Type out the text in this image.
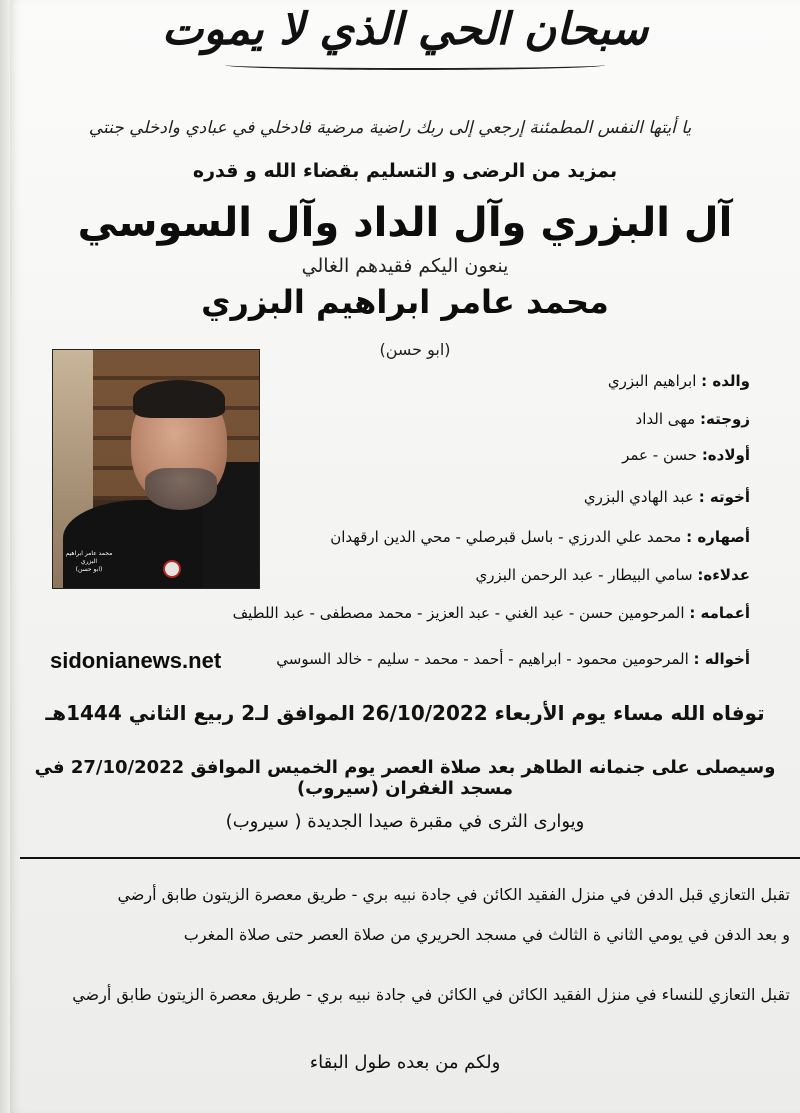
سبحان الحي الذي لا يموت
يا أيتها النفس المطمئنة إرجعي إلى ربك راضية مرضية فادخلي في عبادي وادخلي جنتي
بمزيد من الرضى و التسليم بقضاء الله و قدره
آل البزري وآل الداد وآل السوسي
ينعون اليكم فقيدهم الغالي
محمد عامر ابراهيم البزري
(ابو حسن)
محمد عامر ابراهيم البزري
(ابو حسن)
والده : ابراهيم البزري
زوجته: مهى الداد
أولاده: حسن - عمر
أخوته : عبد الهادي البزري
أصهاره : محمد علي الدرزي - باسل قبرصلي - محي الدين ارقهدان
عدلاءه: سامي البيطار - عبد الرحمن البزري
أعمامه : المرحومين حسن - عبد الغني - عبد العزيز - محمد مصطفى - عبد اللطيف
أخواله : المرحومين محمود - ابراهيم - أحمد - محمد - سليم - خالد السوسي
sidonianews.net
توفاه الله مساء يوم الأربعاء 26/10/2022 الموافق لـ2 ربيع الثاني 1444هـ
وسيصلى على جنمانه الطاهر بعد صلاة العصر يوم الخميس الموافق 27/10/2022 في مسجد الغفران (سيروب)
ويوارى الثرى في مقبرة صيدا الجديدة ( سيروب)
تقبل التعازي قبل الدفن في منزل الفقيد الكائن في جادة نبيه بري - طريق معصرة الزيتون طابق أرضي
و بعد الدفن في يومي الثاني ة الثالث في مسجد الحريري من صلاة العصر حتى صلاة المغرب
تقبل التعازي للنساء في منزل الفقيد الكائن في الكائن في جادة نبيه بري - طريق معصرة الزيتون طابق أرضي
ولكم من بعده طول البقاء
